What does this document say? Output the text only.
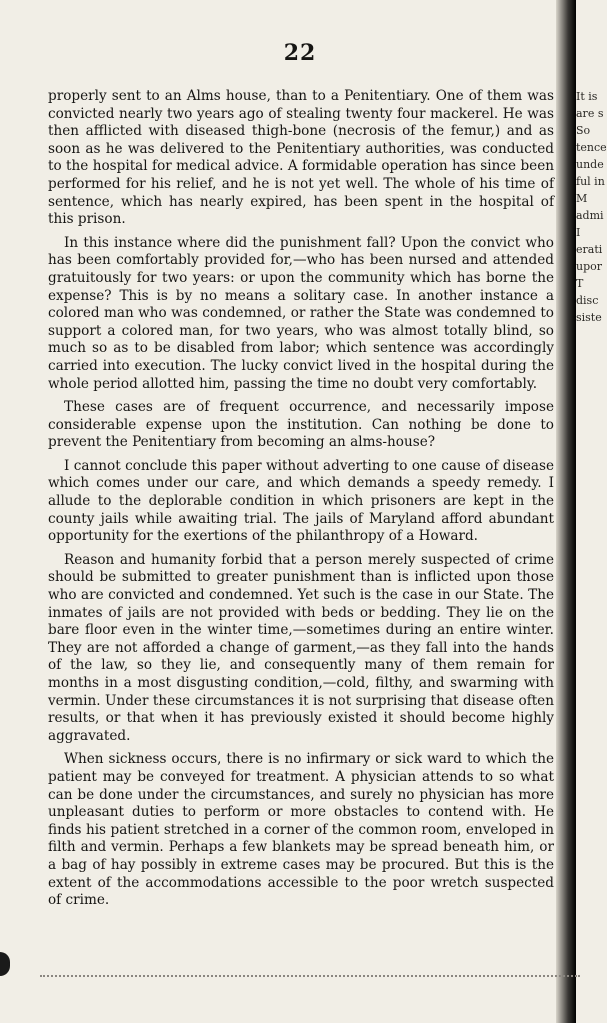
22

properly sent to an Alms house, than to a Penitentiary. One of them was convicted nearly two years ago of stealing twenty four mackerel. He was then afflicted with diseased thigh-bone (necrosis of the femur,) and as soon as he was delivered to the Penitentiary authorities, was conducted to the hospital for medical advice. A formidable operation has since been performed for his relief, and he is not yet well. The whole of his time of sentence, which has nearly expired, has been spent in the hospital of this prison.

In this instance where did the punishment fall? Upon the convict who has been comfortably provided for,—who has been nursed and attended gratuitously for two years: or upon the community which has borne the expense? This is by no means a solitary case. In another instance a colored man who was condemned, or rather the State was condemned to support a colored man, for two years, who was almost totally blind, so much so as to be disabled from labor; which sentence was accordingly carried into execution. The lucky convict lived in the hospital during the whole period allotted him, passing the time no doubt very comfortably.

These cases are of frequent occurrence, and necessarily impose considerable expense upon the institution. Can nothing be done to prevent the Penitentiary from becoming an alms-house?

I cannot conclude this paper without adverting to one cause of disease which comes under our care, and which demands a speedy remedy. I allude to the deplorable condition in which prisoners are kept in the county jails while awaiting trial. The jails of Maryland afford abundant opportunity for the exertions of the philanthropy of a Howard.

Reason and humanity forbid that a person merely suspected of crime should be submitted to greater punishment than is inflicted upon those who are convicted and condemned. Yet such is the case in our State. The inmates of jails are not provided with beds or bedding. They lie on the bare floor even in the winter time,—sometimes during an entire winter. They are not afforded a change of garment,—as they fall into the hands of the law, so they lie, and consequently many of them remain for months in a most disgusting condition,—cold, filthy, and swarming with vermin. Under these circumstances it is not surprising that disease often results, or that when it has previously existed it should become highly aggravated.

When sickness occurs, there is no infirmary or sick ward to which the patient may be conveyed for treatment. A physician attends to so what can be done under the circumstances, and surely no physician has more unpleasant duties to perform or more obstacles to contend with. He finds his patient stretched in a corner of the common room, enveloped in filth and vermin. Perhaps a few blankets may be spread beneath him, or a bag of hay possibly in extreme cases may be procured. But this is the extent of the accommodations accessible to the poor wretch suspected of crime.

It is
are s
So
tence
unde
ful in
M
admi
I
erati
upor
T
disc
siste
